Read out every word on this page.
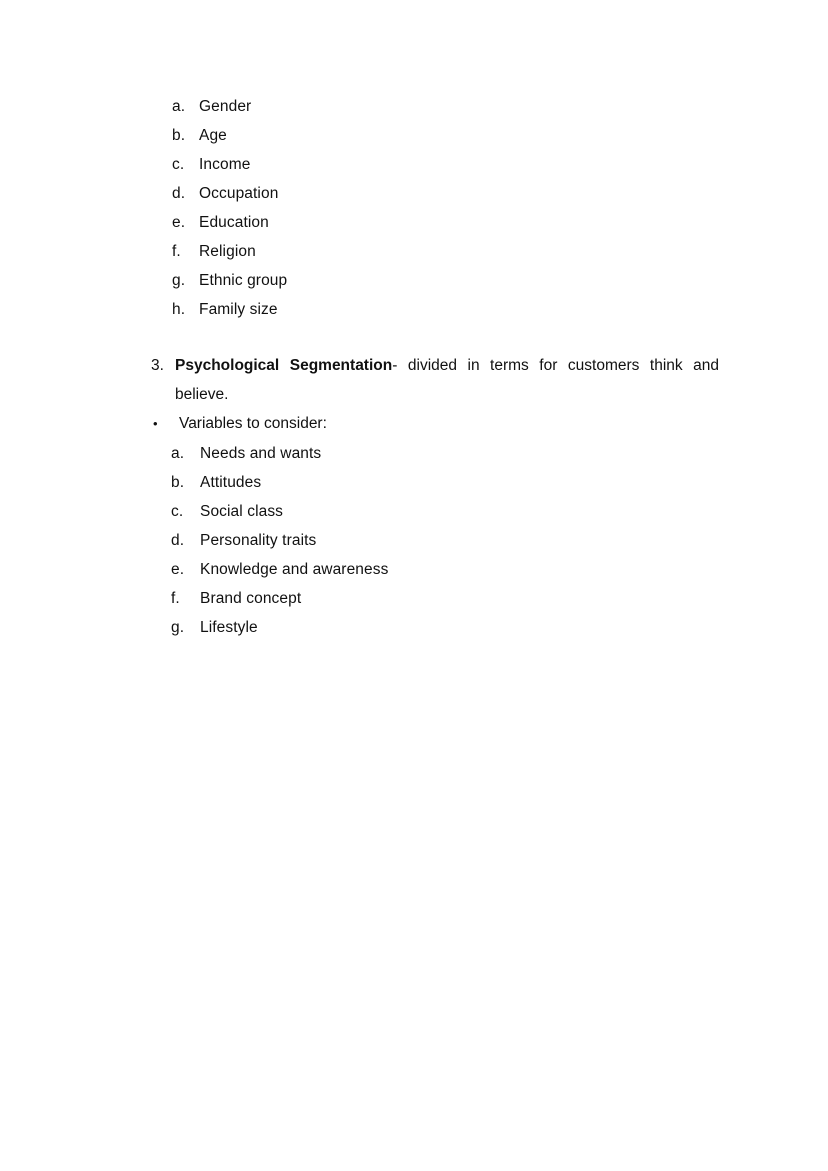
a. Gender
b. Age
c. Income
d. Occupation
e. Education
f.	Religion
g. Ethnic group
h. Family size
3. Psychological Segmentation- divided in terms for customers think and
believe.
•	Variables to consider:
a.	Needs and wants
b.	Attitudes
c.	Social class
d.	Personality traits
e.	Knowledge and awareness
f.	Brand concept
g.	Lifestyle
